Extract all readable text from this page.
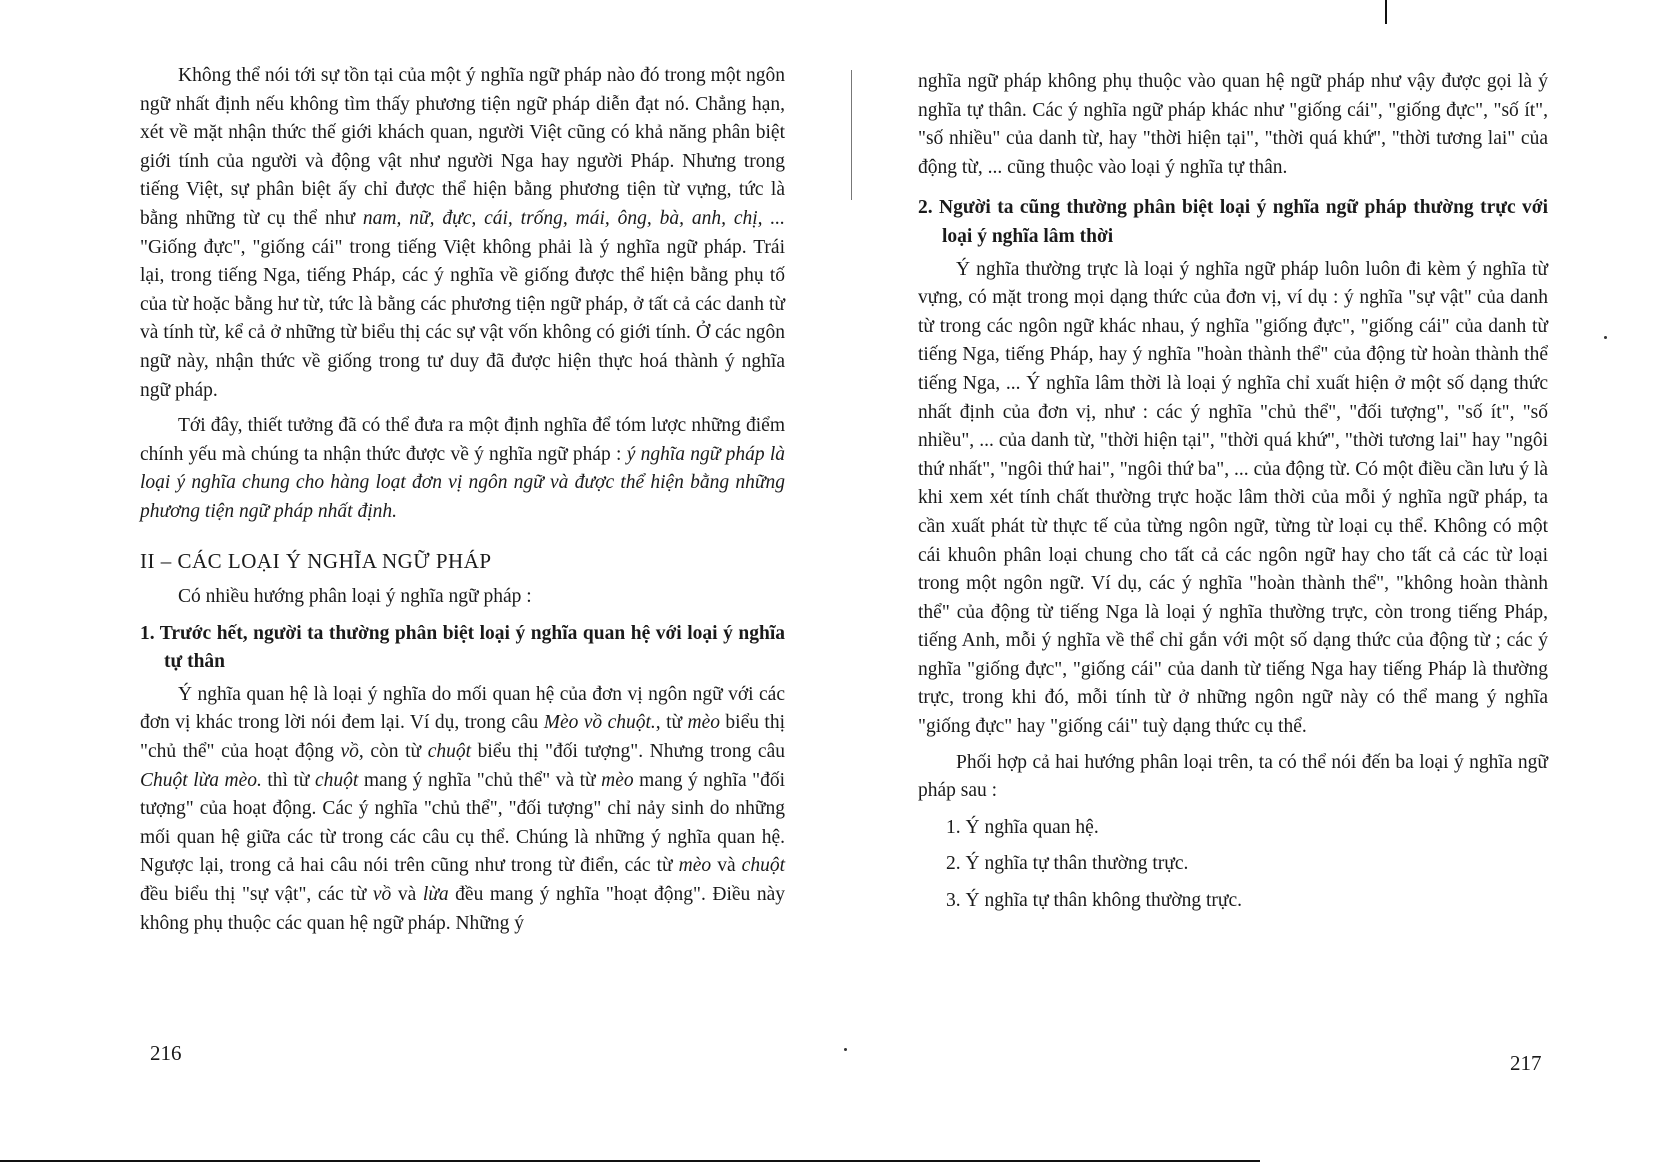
Không thể nói tới sự tồn tại của một ý nghĩa ngữ pháp nào đó trong một ngôn ngữ nhất định nếu không tìm thấy phương tiện ngữ pháp diễn đạt nó. Chẳng hạn, xét về mặt nhận thức thế giới khách quan, người Việt cũng có khả năng phân biệt giới tính của người và động vật như người Nga hay người Pháp. Nhưng trong tiếng Việt, sự phân biệt ấy chỉ được thể hiện bằng phương tiện từ vựng, tức là bằng những từ cụ thể như nam, nữ, đực, cái, trống, mái, ông, bà, anh, chị, ... "Giống đực", "giống cái" trong tiếng Việt không phải là ý nghĩa ngữ pháp. Trái lại, trong tiếng Nga, tiếng Pháp, các ý nghĩa về giống được thể hiện bằng phụ tố của từ hoặc bằng hư từ, tức là bằng các phương tiện ngữ pháp, ở tất cả các danh từ và tính từ, kể cả ở những từ biểu thị các sự vật vốn không có giới tính. Ở các ngôn ngữ này, nhận thức về giống trong tư duy đã được hiện thực hoá thành ý nghĩa ngữ pháp.

Tới đây, thiết tưởng đã có thể đưa ra một định nghĩa để tóm lược những điểm chính yếu mà chúng ta nhận thức được về ý nghĩa ngữ pháp : ý nghĩa ngữ pháp là loại ý nghĩa chung cho hàng loạt đơn vị ngôn ngữ và được thể hiện bằng những phương tiện ngữ pháp nhất định.

II – CÁC LOẠI Ý NGHĨA NGỮ PHÁP

Có nhiều hướng phân loại ý nghĩa ngữ pháp :

1. Trước hết, người ta thường phân biệt loại ý nghĩa quan hệ với loại ý nghĩa tự thân

Ý nghĩa quan hệ là loại ý nghĩa do mối quan hệ của đơn vị ngôn ngữ với các đơn vị khác trong lời nói đem lại. Ví dụ, trong câu Mèo vồ chuột., từ mèo biểu thị "chủ thể" của hoạt động vồ, còn từ chuột biểu thị "đối tượng". Nhưng trong câu Chuột lừa mèo. thì từ chuột mang ý nghĩa "chủ thể" và từ mèo mang ý nghĩa "đối tượng" của hoạt động. Các ý nghĩa "chủ thể", "đối tượng" chỉ nảy sinh do những mối quan hệ giữa các từ trong các câu cụ thể. Chúng là những ý nghĩa quan hệ. Ngược lại, trong cả hai câu nói trên cũng như trong từ điển, các từ mèo và chuột đều biểu thị "sự vật", các từ vồ và lừa đều mang ý nghĩa "hoạt động". Điều này không phụ thuộc các quan hệ ngữ pháp. Những ý

216

nghĩa ngữ pháp không phụ thuộc vào quan hệ ngữ pháp như vậy được gọi là ý nghĩa tự thân. Các ý nghĩa ngữ pháp khác như "giống cái", "giống đực", "số ít", "số nhiều" của danh từ, hay "thời hiện tại", "thời quá khứ", "thời tương lai" của động từ, ... cũng thuộc vào loại ý nghĩa tự thân.

2. Người ta cũng thường phân biệt loại ý nghĩa ngữ pháp thường trực với loại ý nghĩa lâm thời

Ý nghĩa thường trực là loại ý nghĩa ngữ pháp luôn luôn đi kèm ý nghĩa từ vựng, có mặt trong mọi dạng thức của đơn vị, ví dụ : ý nghĩa "sự vật" của danh từ trong các ngôn ngữ khác nhau, ý nghĩa "giống đực", "giống cái" của danh từ tiếng Nga, tiếng Pháp, hay ý nghĩa "hoàn thành thể" của động từ hoàn thành thể tiếng Nga, ... Ý nghĩa lâm thời là loại ý nghĩa chỉ xuất hiện ở một số dạng thức nhất định của đơn vị, như : các ý nghĩa "chủ thể", "đối tượng", "số ít", "số nhiều", ... của danh từ, "thời hiện tại", "thời quá khứ", "thời tương lai" hay "ngôi thứ nhất", "ngôi thứ hai", "ngôi thứ ba", ... của động từ. Có một điều cần lưu ý là khi xem xét tính chất thường trực hoặc lâm thời của mỗi ý nghĩa ngữ pháp, ta cần xuất phát từ thực tế của từng ngôn ngữ, từng từ loại cụ thể. Không có một cái khuôn phân loại chung cho tất cả các ngôn ngữ hay cho tất cả các từ loại trong một ngôn ngữ. Ví dụ, các ý nghĩa "hoàn thành thể", "không hoàn thành thể" của động từ tiếng Nga là loại ý nghĩa thường trực, còn trong tiếng Pháp, tiếng Anh, mỗi ý nghĩa về thể chỉ gắn với một số dạng thức của động từ ; các ý nghĩa "giống đực", "giống cái" của danh từ tiếng Nga hay tiếng Pháp là thường trực, trong khi đó, mỗi tính từ ở những ngôn ngữ này có thể mang ý nghĩa "giống đực" hay "giống cái" tuỳ dạng thức cụ thể.

Phối hợp cả hai hướng phân loại trên, ta có thể nói đến ba loại ý nghĩa ngữ pháp sau :

1. Ý nghĩa quan hệ.

2. Ý nghĩa tự thân thường trực.

3. Ý nghĩa tự thân không thường trực.

217
